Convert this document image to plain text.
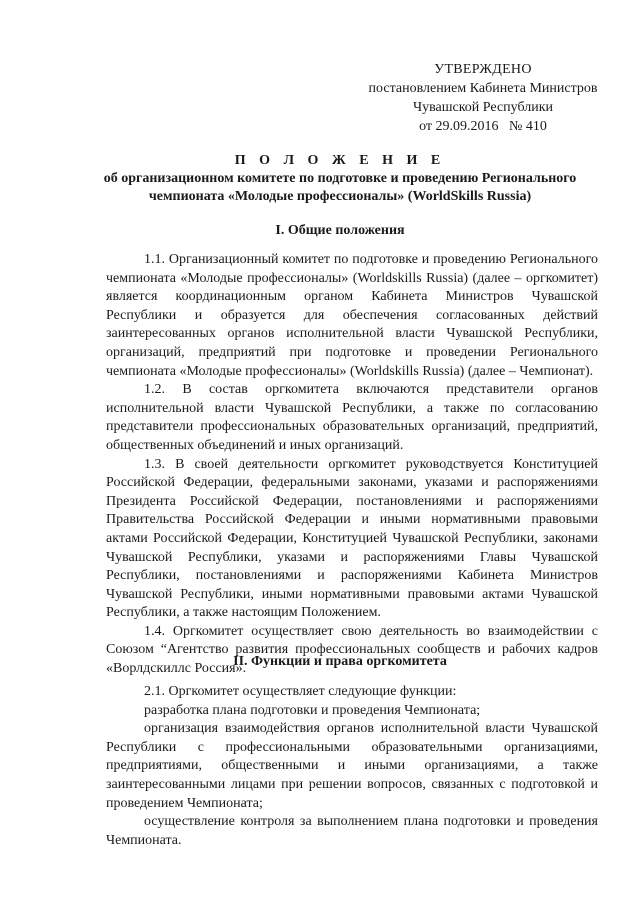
УТВЕРЖДЕНО
постановлением Кабинета Министров
Чувашской Республики
от 29.09.2016   № 410
П О Л О Ж Е Н И Е
об организационном комитете по подготовке и проведению Регионального чемпионата «Молодые профессионалы» (WorldSkills Russia)
I. Общие положения

1.1. Организационный комитет по подготовке и проведению Регионального чемпионата «Молодые профессионалы» (Worldskills Russia) (далее – оргкомитет) является координационным органом Кабинета Министров Чувашской Республики и образуется для обеспечения согласованных действий заинтересованных органов исполнительной власти Чувашской Республики, организаций, предприятий при подготовке и проведении Регионального чемпионата «Молодые профессионалы» (Worldskills Russia) (далее – Чемпионат).

1.2. В состав оргкомитета включаются представители органов исполнительной власти Чувашской Республики, а также по согласованию представители профессиональных образовательных организаций, предприятий, общественных объединений и иных организаций.

1.3. В своей деятельности оргкомитет руководствуется Конституцией Российской Федерации, федеральными законами, указами и распоряжениями Президента Российской Федерации, постановлениями и распоряжениями Правительства Российской Федерации и иными нормативными правовыми актами Российской Федерации, Конституцией Чувашской Республики, законами Чувашской Республики, указами и распоряжениями Главы Чувашской Республики, постановлениями и распоряжениями Кабинета Министров Чувашской Республики, иными нормативными правовыми актами Чувашской Республики, а также настоящим Положением.

1.4. Оргкомитет осуществляет свою деятельность во взаимодействии с Союзом “Агентство развития профессиональных сообществ и рабочих кадров «Ворлдскиллс Россия».

II. Функции и права оргкомитета

2.1. Оргкомитет осуществляет следующие функции:

разработка плана подготовки и проведения Чемпионата;

организация взаимодействия органов исполнительной власти Чувашской Республики с профессиональными образовательными организациями, предприятиями, общественными и иными организациями, а также заинтересованными лицами при решении вопросов, связанных с подготовкой и проведением Чемпионата;

осуществление контроля за выполнением плана подготовки и проведения Чемпионата.
